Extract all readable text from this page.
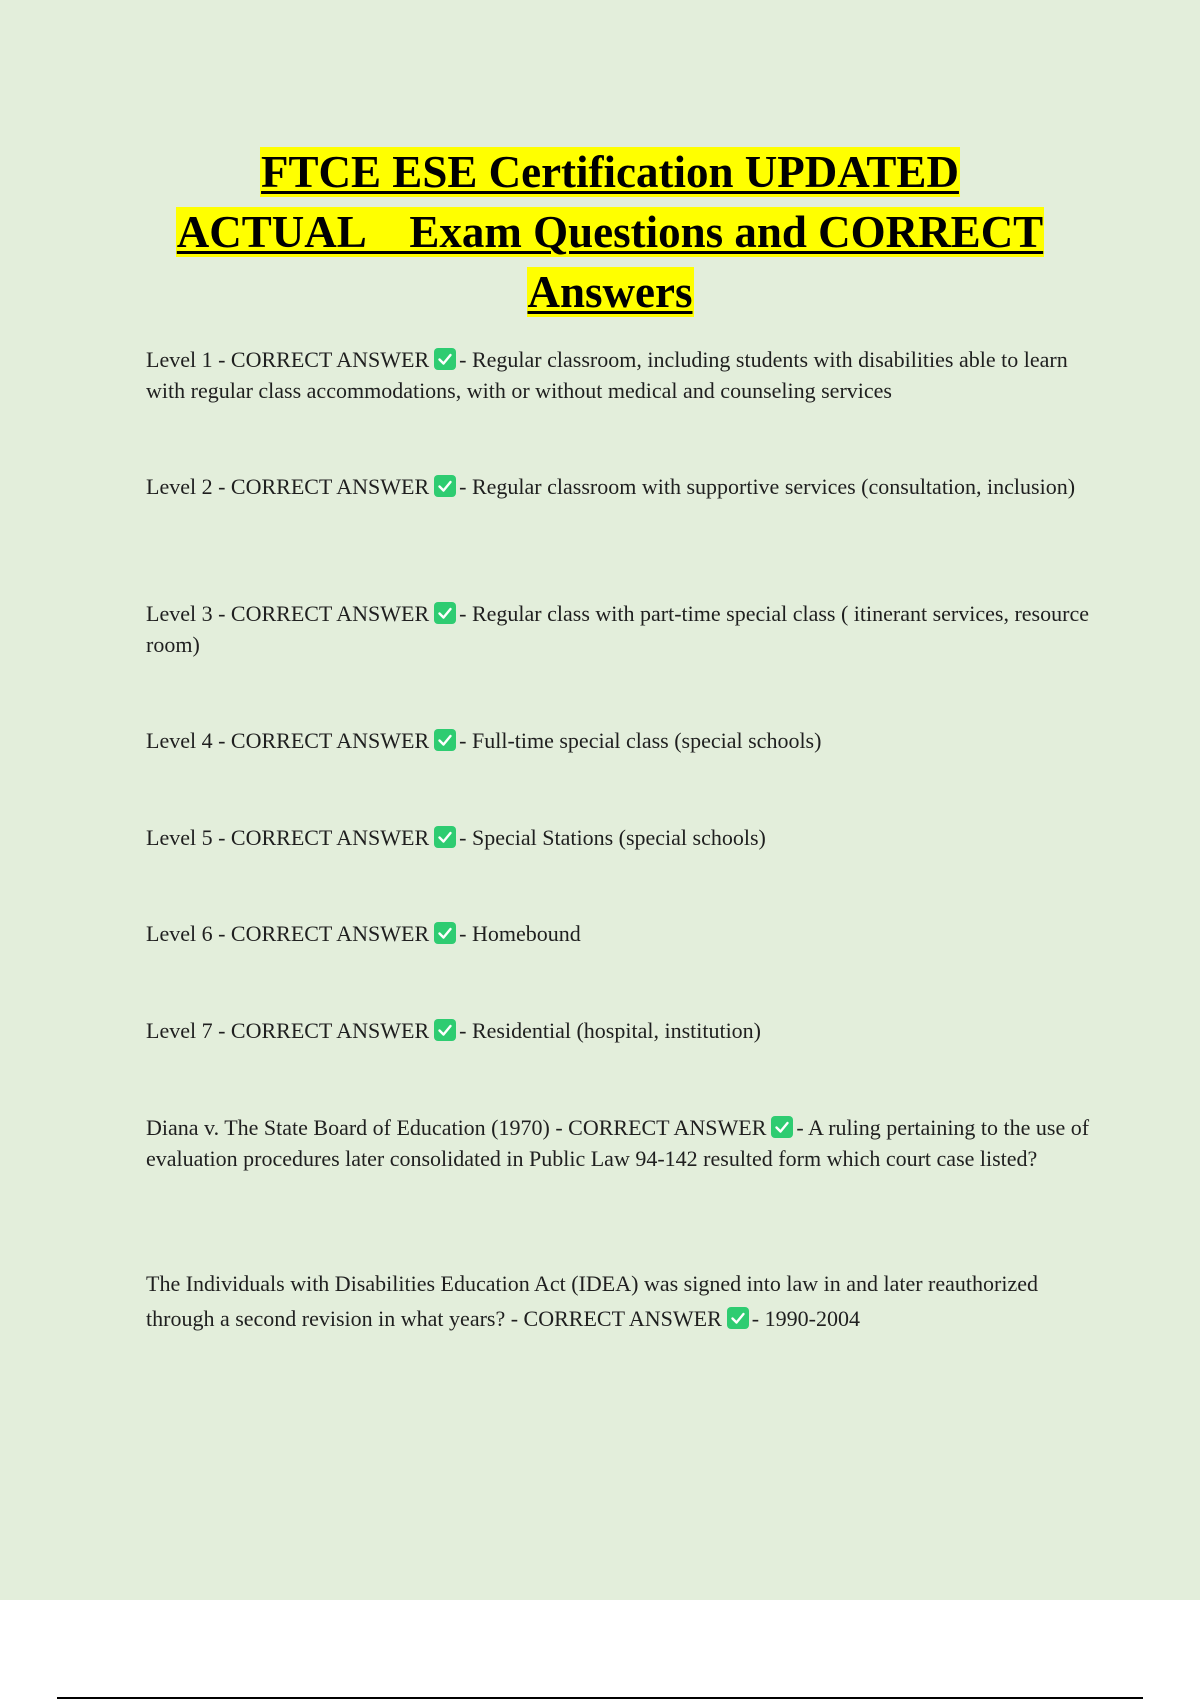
FTCE ESE Certification UPDATED
ACTUAL    Exam Questions and CORRECT
Answers
Level 1 - CORRECT ANSWER - Regular classroom, including students with disabilities able to learn with regular class accommodations, with or without medical and counseling services
Level 2 - CORRECT ANSWER - Regular classroom with supportive services (consultation, inclusion)
Level 3 - CORRECT ANSWER - Regular class with part-time special class ( itinerant services, resource room)
Level 4 - CORRECT ANSWER - Full-time special class (special schools)
Level 5 - CORRECT ANSWER - Special Stations (special schools)
Level 6 - CORRECT ANSWER - Homebound
Level 7 - CORRECT ANSWER - Residential (hospital, institution)
Diana v. The State Board of Education (1970) - CORRECT ANSWER - A ruling pertaining to the use of evaluation procedures later consolidated in Public Law 94-142 resulted form which court case listed?
The Individuals with Disabilities Education Act (IDEA) was signed into law in and later reauthorized through a second revision in what years? - CORRECT ANSWER - 1990-2004
